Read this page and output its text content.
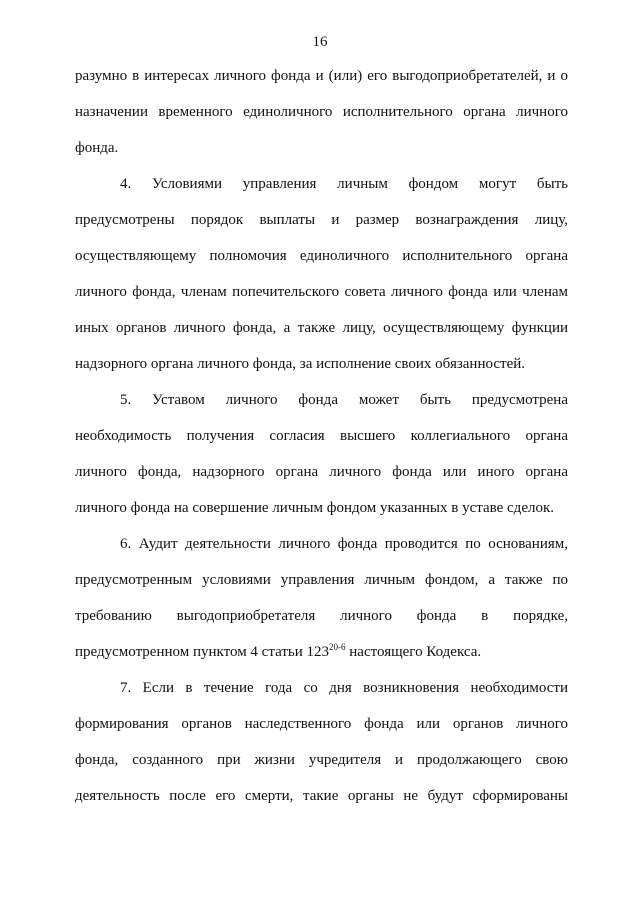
16
разумно в интересах личного фонда и (или) его выгодоприобретателей, и о
назначении временного единоличного исполнительного органа личного
фонда.
4. Условиями управления личным фондом могут быть
предусмотрены порядок выплаты и размер вознаграждения лицу,
осуществляющему полномочия единоличного исполнительного органа
личного фонда, членам попечительского совета личного фонда или членам
иных органов личного фонда, а также лицу, осуществляющему функции
надзорного органа личного фонда, за исполнение своих обязанностей.
5. Уставом личного фонда может быть предусмотрена
необходимость получения согласия высшего коллегиального органа
личного фонда, надзорного органа личного фонда или иного органа
личного фонда на совершение личным фондом указанных в уставе сделок.
6. Аудит деятельности личного фонда проводится по основаниям,
предусмотренным условиями управления личным фондом, а также по
требованию выгодоприобретателя личного фонда в порядке,
предусмотренном пунктом 4 статьи 123$^{20-6}$ настоящего Кодекса.
7. Если в течение года со дня возникновения необходимости
формирования органов наследственного фонда или органов личного
фонда, созданного при жизни учредителя и продолжающего свою
деятельность после его смерти, такие органы не будут сформированы
